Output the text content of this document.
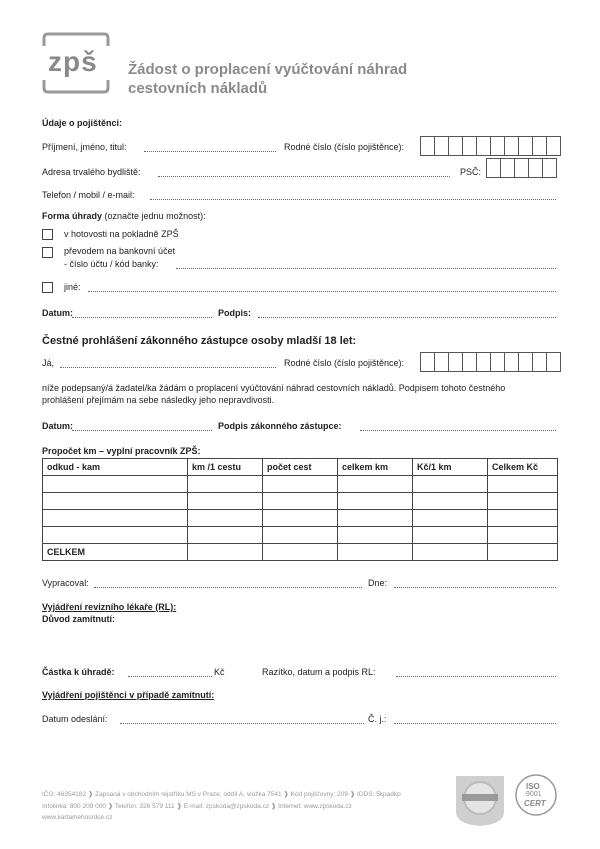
zpš Žádost o proplacení vyúčtování náhrad
cestovních nákladů
Údaje o pojištěnci:
Příjmení, jméno, titul:	Rodné číslo (číslo pojištěnce):
Adresa trvalého bydliště:	PSČ:
Telefon / mobil / e-mail:
Forma úhrady (označte jednu možnost):
v hotovosti na pokladně ZPŠ
převodem na bankovní účet
- číslo účtu / kód banky:
jiné:
Datum:	Podpis:
Čestné prohlášení zákonného zástupce osoby mladší 18 let:
Já,	Rodné číslo (číslo pojištěnce):
níže podepsaný/á žadatel/ka žádám o proplacení vyúčtování náhrad cestovních nákladů. Podpisem tohoto čestného
prohlášení přejímám na sebe následky jeho nepravdivosti.
Datum:	Podpis zákonného zástupce:
Propočet km – vyplní pracovník ZPŠ:
odkud - kam	km /1 cestu	počet cest	celkem km	Kč/1 km	Celkem Kč

CELKEM					
Vypracoval:	Dne:
Vyjádření revizního lékaře (RL):
Důvod zamítnutí:
Částka k úhradě:	Kč	Razítko, datum a podpis RL:
Vyjádření pojištěnci v případě zamítnutí:
Datum odeslání:	Č. j.:
IČO: 46354182 ❱ Zapsaná v obchodním rejstříku MS v Praze, oddíl A, vložka 7541 ❱ Kód pojišťovny: 209 ❱ IDDS: 5kpadkp
Infolinka: 800 209 000 ❱ Telefon: 326 579 111 ❱ E-mail: zpskoda@zpskoda.cz ❱ Internet: www.zpskoda.cz
www.kartamehosrdce.cz
ISO
9001
CERT
